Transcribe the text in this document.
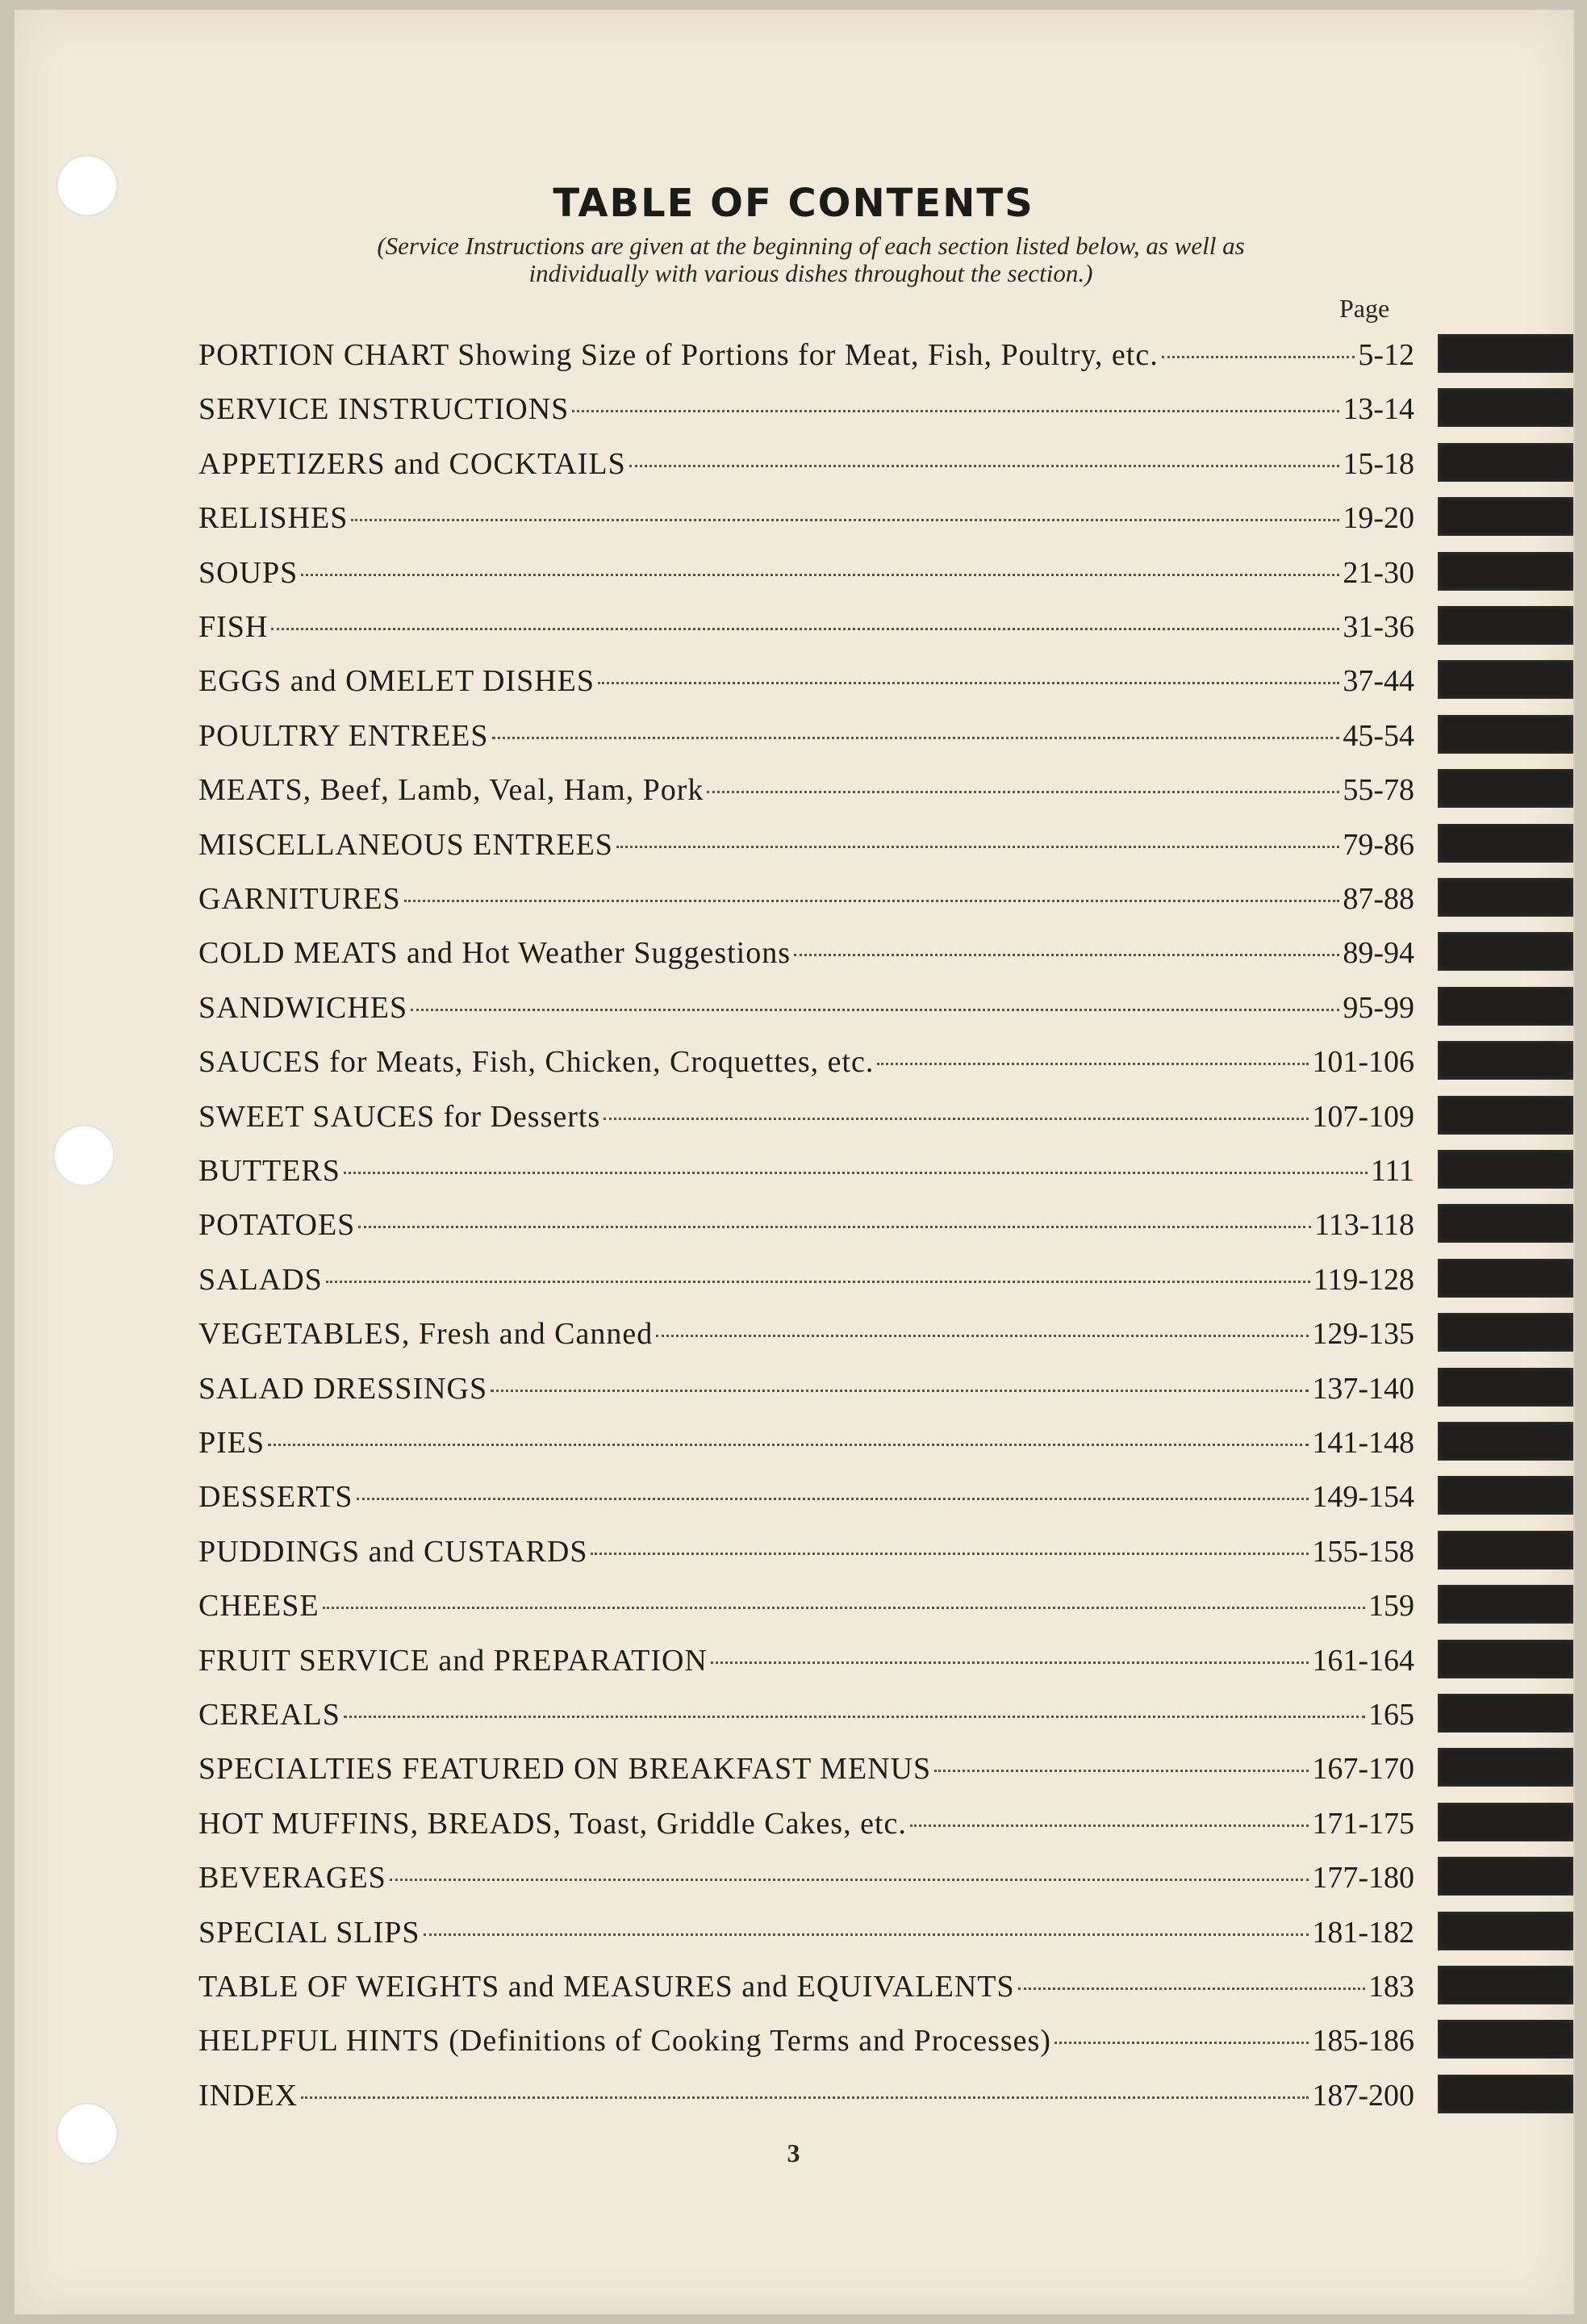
TABLE OF CONTENTS
(Service Instructions are given at the beginning of each section listed below, as well as individually with various dishes throughout the section.)
Page
PORTION CHART Showing Size of Portions for Meat, Fish, Poultry, etc.	5-12
SERVICE INSTRUCTIONS	13-14
APPETIZERS and COCKTAILS	15-18
RELISHES	19-20
SOUPS	21-30
FISH	31-36
EGGS and OMELET DISHES	37-44
POULTRY ENTREES	45-54
MEATS, Beef, Lamb, Veal, Ham, Pork	55-78
MISCELLANEOUS ENTREES	79-86
GARNITURES	87-88
COLD MEATS and Hot Weather Suggestions	89-94
SANDWICHES	95-99
SAUCES for Meats, Fish, Chicken, Croquettes, etc.	101-106
SWEET SAUCES for Desserts	107-109
BUTTERS	111
POTATOES	113-118
SALADS	119-128
VEGETABLES, Fresh and Canned	129-135
SALAD DRESSINGS	137-140
PIES	141-148
DESSERTS	149-154
PUDDINGS and CUSTARDS	155-158
CHEESE	159
FRUIT SERVICE and PREPARATION	161-164
CEREALS	165
SPECIALTIES FEATURED ON BREAKFAST MENUS	167-170
HOT MUFFINS, BREADS, Toast, Griddle Cakes, etc.	171-175
BEVERAGES	177-180
SPECIAL SLIPS	181-182
TABLE OF WEIGHTS and MEASURES and EQUIVALENTS	183
HELPFUL HINTS (Definitions of Cooking Terms and Processes)	185-186
INDEX	187-200
3
